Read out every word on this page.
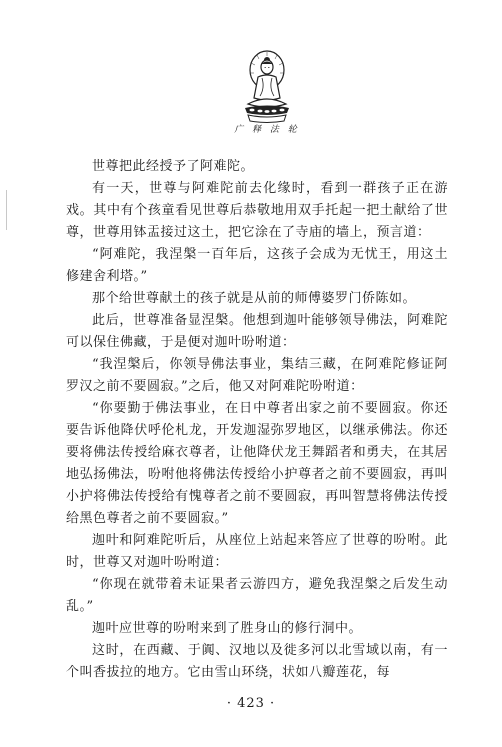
广 释 法 轮

世尊把此经授予了阿难陀。

有一天，世尊与阿难陀前去化缘时，看到一群孩子正在游戏。其中有个孩童看见世尊后恭敬地用双手托起一把土献给了世尊，世尊用钵盂接过这土，把它涂在了寺庙的墙上，预言道：

“阿难陀，我涅槃一百年后，这孩子会成为无忧王，用这土修建舍利塔。”

那个给世尊献土的孩子就是从前的师傅婆罗门侨陈如。

此后，世尊准备显涅槃。他想到迦叶能够领导佛法，阿难陀可以保住佛藏，于是便对迦叶吩咐道：

“我涅槃后，你领导佛法事业，集结三藏，在阿难陀修证阿罗汉之前不要圆寂。”之后，他又对阿难陀吩咐道：

“你要勤于佛法事业，在日中尊者出家之前不要圆寂。你还要告诉他降伏呼伦札龙，开发迦湿弥罗地区，以继承佛法。你还要将佛法传授给麻衣尊者，让他降伏龙王舞蹈者和勇夫，在其居地弘扬佛法，吩咐他将佛法传授给小护尊者之前不要圆寂，再叫小护将佛法传授给有愧尊者之前不要圆寂，再叫智慧将佛法传授给黑色尊者之前不要圆寂。”

迦叶和阿难陀听后，从座位上站起来答应了世尊的吩咐。此时，世尊又对迦叶吩咐道：

“你现在就带着未证果者云游四方，避免我涅槃之后发生动乱。”

迦叶应世尊的吩咐来到了胜身山的修行洞中。

这时，在西藏、于阗、汉地以及徙多河以北雪域以南，有一个叫香拔拉的地方。它由雪山环绕，状如八瓣莲花，每

· 423 ·
